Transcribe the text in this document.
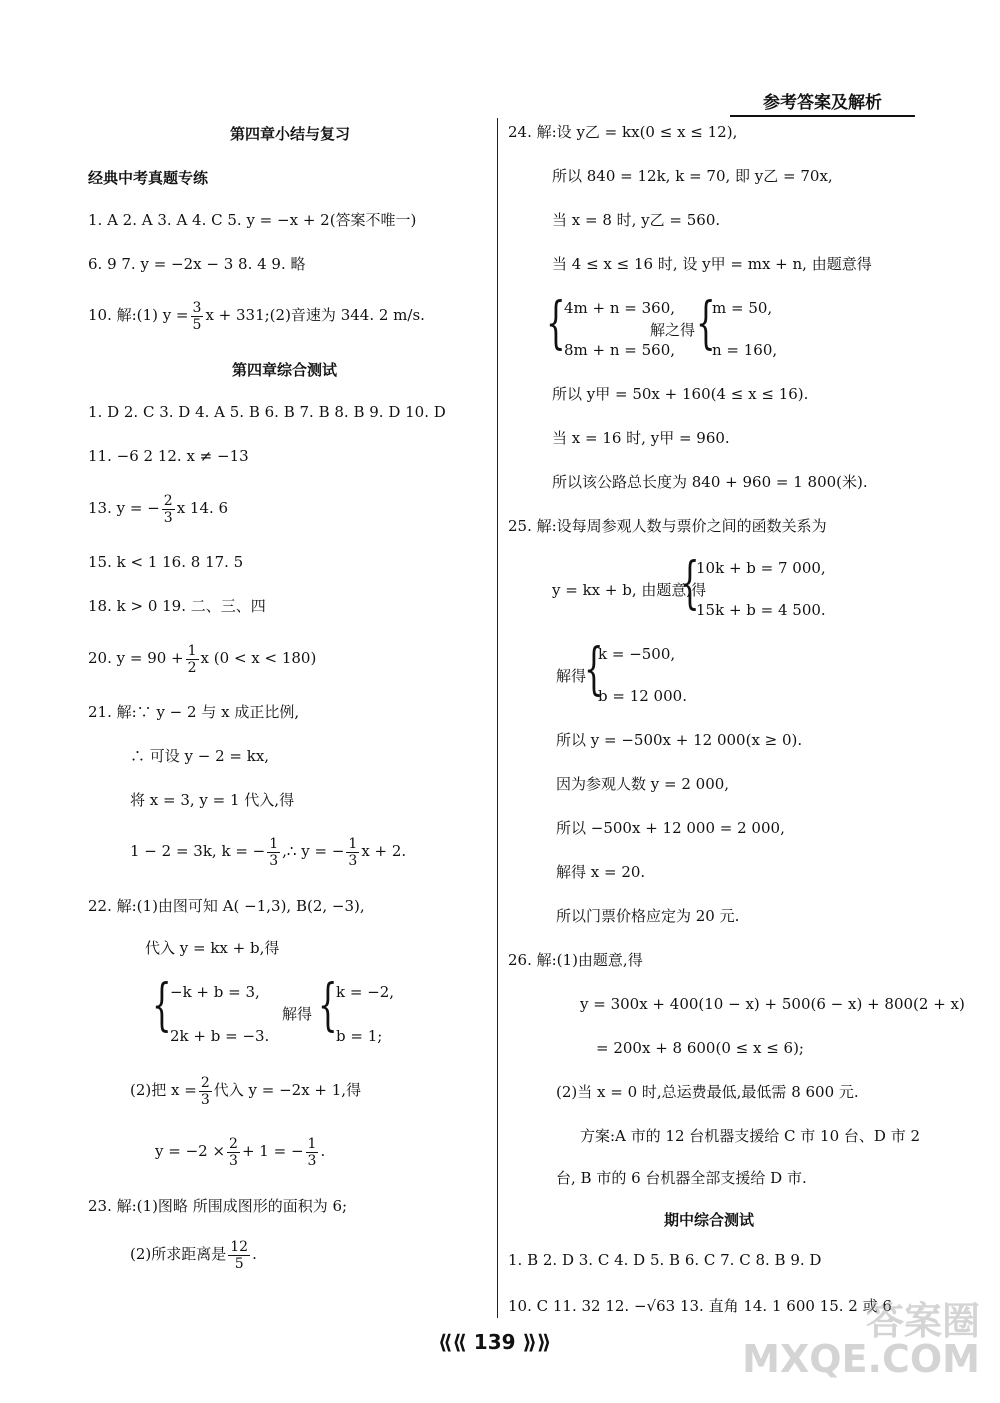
参考答案及解析
第四章小结与复习
经典中考真题专练
1. A 2. A 3. A 4. C 5. y = −x + 2(答案不唯一)
6. 9 7. y = −2x − 3 8. 4 9. 略
10. 解:(1) $y = \frac{3}{5}$ x + 331;(2)音速为 344. 2 m/s.
第四章综合测试
1. D 2. C 3. D 4. A 5. B 6. B 7. B 8. B 9. D 10. D
11. −6 2 12. x ≠ −13
13. y = − $\frac{2}{3}$ x 14. 6
15. k < 1 16. 8 17. 5
18. k > 0 19. 二、三、四
20. $y = 90 + \frac{1}{2}$ x (0 < x < 180)
21. 解:∵ y − 2 与 x 成正比例,
∴ 可设 y − 2 = kx,
将 x = 3, y = 1 代入,得
1 − 2 = 3k, k = − $\frac{1}{3}$ ,∴ y = − $\frac{1}{3}$ x + 2.
22. 解:(1)由图可知 A( −1,3), B(2, −3),
代入 y = kx + b,得
{
−k + b = 3,
2k + b = −3.
解得 {
k = −2,
b = 1;
(2)把 $x = \frac{2}{3}$ 代入 y = −2x + 1,得
$y = -2 \times \frac{2}{3} + 1$ = − $\frac{1}{3}$ .
23. 解:(1)图略 所围成图形的面积为 6;
(2)所求距离是 $\frac{12}{5}$ .
24. 解:设 y乙 = kx(0 ≤ x ≤ 12),
所以 840 = 12k, k = 70, 即 y乙 = 70x,
当 x = 8 时, y乙 = 560.
当 4 ≤ x ≤ 16 时, 设 y甲 = mx + n, 由题意得
{
4m + n = 360,
8m + n = 560,
解之得 {
m = 50,
n = 160,
所以 y甲 = 50x + 160(4 ≤ x ≤ 16).
当 x = 16 时, y甲 = 960.
所以该公路总长度为 840 + 960 = 1 800(米).
25. 解:设每周参观人数与票价之间的函数关系为
y = kx + b, 由题意,得
{
10k + b = 7 000,
15k + b = 4 500.
解得
{
k = −500,
b = 12 000.
所以 y = −500x + 12 000(x ≥ 0).
因为参观人数 y = 2 000,
所以 −500x + 12 000 = 2 000,
解得 x = 20.
所以门票价格应定为 20 元.
26. 解:(1)由题意,得
y = 300x + 400(10 − x) + 500(6 − x) + 800(2 + x)
= 200x + 8 600(0 ≤ x ≤ 6);
(2)当 x = 0 时,总运费最低,最低需 8 600 元.
方案:A 市的 12 台机器支援给 C 市 10 台、D 市 2
台, B 市的 6 台机器全部支援给 D 市.
期中综合测试
1. B 2. D 3. C 4. D 5. B 6. C 7. C 8. B 9. D
10. C 11. 32 12. −√63 13. 直角 14. 1 600 15. 2 或 6
⟪⟪ 139 ⟫⟫	答案圈
MXQE.COM
